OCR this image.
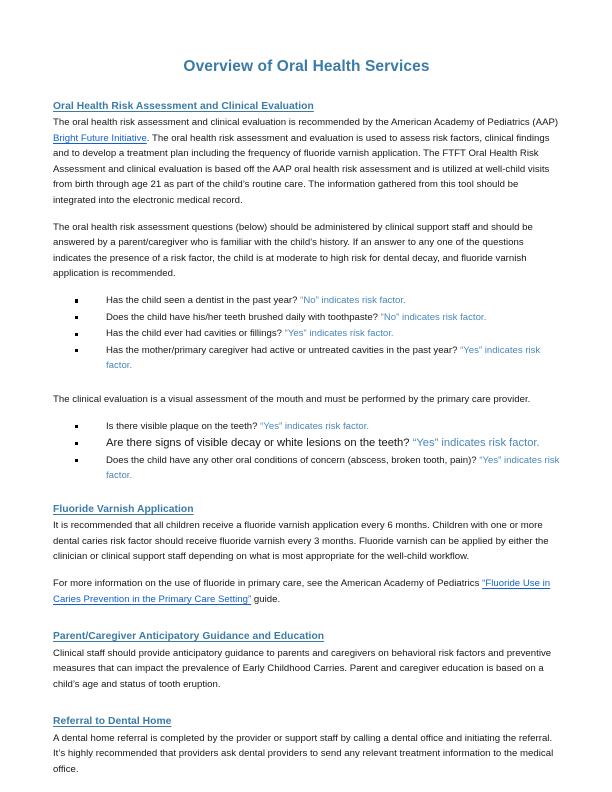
Overview of Oral Health Services
Oral Health Risk Assessment and Clinical Evaluation

The oral health risk assessment and clinical evaluation is recommended by the American Academy of Pediatrics (AAP) Bright Future Initiative. The oral health risk assessment and evaluation is used to assess risk factors, clinical findings and to develop a treatment plan including the frequency of fluoride varnish application. The FTFT Oral Health Risk Assessment and clinical evaluation is based off the AAP oral health risk assessment and is utilized at well-child visits from birth through age 21 as part of the child’s routine care. The information gathered from this tool should be integrated into the electronic medical record.

The oral health risk assessment questions (below) should be administered by clinical support staff and should be answered by a parent/caregiver who is familiar with the child’s history. If an answer to any one of the questions indicates the presence of a risk factor, the child is at moderate to high risk for dental decay, and fluoride varnish application is recommended.

Has the child seen a dentist in the past year? “No” indicates risk factor.
Does the child have his/her teeth brushed daily with toothpaste? “No” indicates risk factor.
Has the child ever had cavities or fillings? “Yes” indicates risk factor.
Has the mother/primary caregiver had active or untreated cavities in the past year? “Yes” indicates risk factor.

The clinical evaluation is a visual assessment of the mouth and must be performed by the primary care provider.

Is there visible plaque on the teeth? “Yes” indicates risk factor.
Are there signs of visible decay or white lesions on the teeth? “Yes” indicates risk factor.
Does the child have any other oral conditions of concern (abscess, broken tooth, pain)? “Yes” indicates risk factor.
Fluoride Varnish Application

It is recommended that all children receive a fluoride varnish application every 6 months. Children with one or more dental caries risk factor should receive fluoride varnish every 3 months. Fluoride varnish can be applied by either the clinician or clinical support staff depending on what is most appropriate for the well-child workflow.

For more information on the use of fluoride in primary care, see the American Academy of Pediatrics “Fluoride Use in Caries Prevention in the Primary Care Setting” guide.

Parent/Caregiver Anticipatory Guidance and Education

Clinical staff should provide anticipatory guidance to parents and caregivers on behavioral risk factors and preventive measures that can impact the prevalence of Early Childhood Carries. Parent and caregiver education is based on a child’s age and status of tooth eruption.

Referral to Dental Home

A dental home referral is completed by the provider or support staff by calling a dental office and initiating the referral. It’s highly recommended that providers ask dental providers to send any relevant treatment information to the medical office.
